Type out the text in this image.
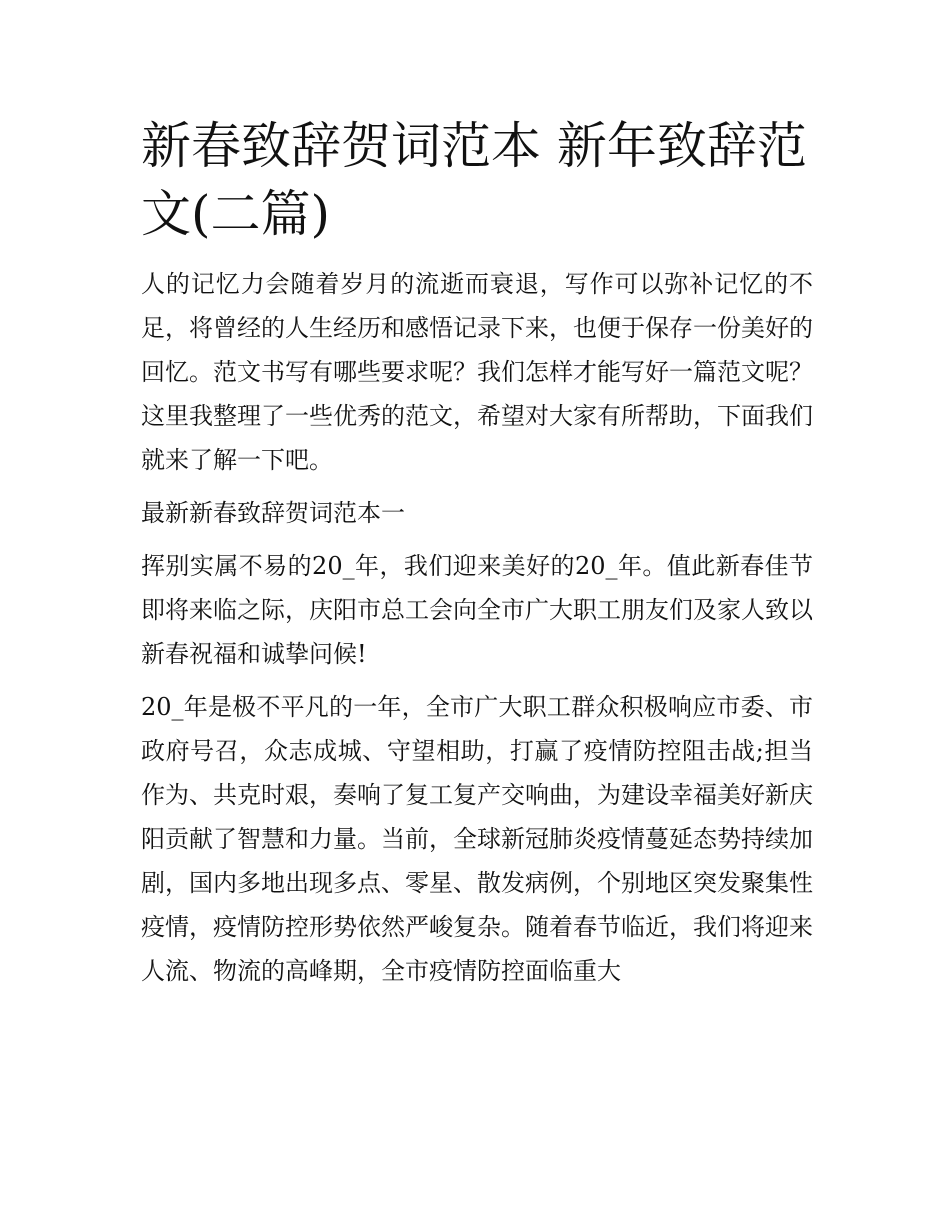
新春致辞贺词范本 新年致辞范文(二篇)

人的记忆力会随着岁月的流逝而衰退，写作可以弥补记忆的不足，将曾经的人生经历和感悟记录下来，也便于保存一份美好的回忆。范文书写有哪些要求呢？我们怎样才能写好一篇范文呢？这里我整理了一些优秀的范文，希望对大家有所帮助，下面我们就来了解一下吧。

最新新春致辞贺词范本一

挥别实属不易的20_年，我们迎来美好的20_年。值此新春佳节即将来临之际，庆阳市总工会向全市广大职工朋友们及家人致以新春祝福和诚挚问候!

20_年是极不平凡的一年，全市广大职工群众积极响应市委、市政府号召，众志成城、守望相助，打赢了疫情防控阻击战;担当作为、共克时艰，奏响了复工复产交响曲，为建设幸福美好新庆阳贡献了智慧和力量。当前，全球新冠肺炎疫情蔓延态势持续加剧，国内多地出现多点、零星、散发病例，个别地区突发聚集性疫情，疫情防控形势依然严峻复杂。随着春节临近，我们将迎来人流、物流的高峰期，全市疫情防控面临重大
